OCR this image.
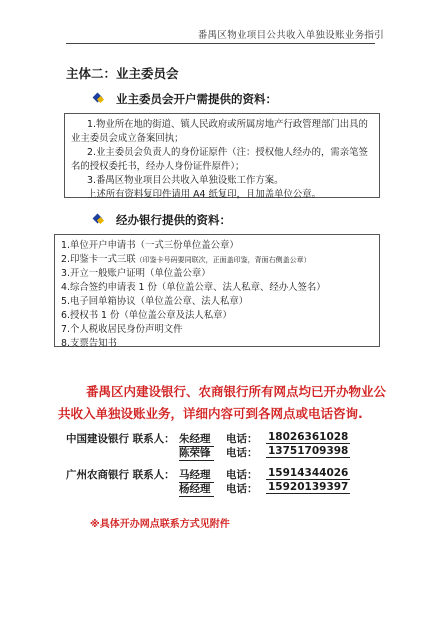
番禺区物业项目公共收入单独设账业务指引
主体二：业主委员会
业主委员会开户需提供的资料：

1.物业所在地的街道、镇人民政府或所属房地产行政管理部门出具的业主委员会成立备案回执；

2.业主委员会负责人的身份证原件（注：授权他人经办的，需亲笔签名的授权委托书，经办人身份证件原件）；

3.番禺区物业项目公共收入单独设账工作方案。

上述所有资料复印件请用 A4 纸复印，且加盖单位公章。

经办银行提供的资料：

1.单位开户申请书（一式三份单位盖公章）

2.印鉴卡一式三联（印鉴卡号码要同联次，正面盖印鉴，背面右侧盖公章）

3.开立一般账户证明（单位盖公章）

4.综合签约申请表 1 份（单位盖公章、法人私章、经办人签名）

5.电子回单箱协议（单位盖公章、法人私章）

6.授权书 1 份（单位盖公章及法人私章）

7.个人税收居民身份声明文件

8.支票告知书

番禺区内建设银行、农商银行所有网点均已开办物业公
共收入单独设账业务，详细内容可到各网点或电话咨询.
中国建设银行 联系人： 朱经理 电话： 18026361028
陈荣锋 电话： 13751709398
广州农商银行 联系人： 马经理 电话： 15914344026
杨经理 电话： 15920139397
※具体开办网点联系方式见附件
